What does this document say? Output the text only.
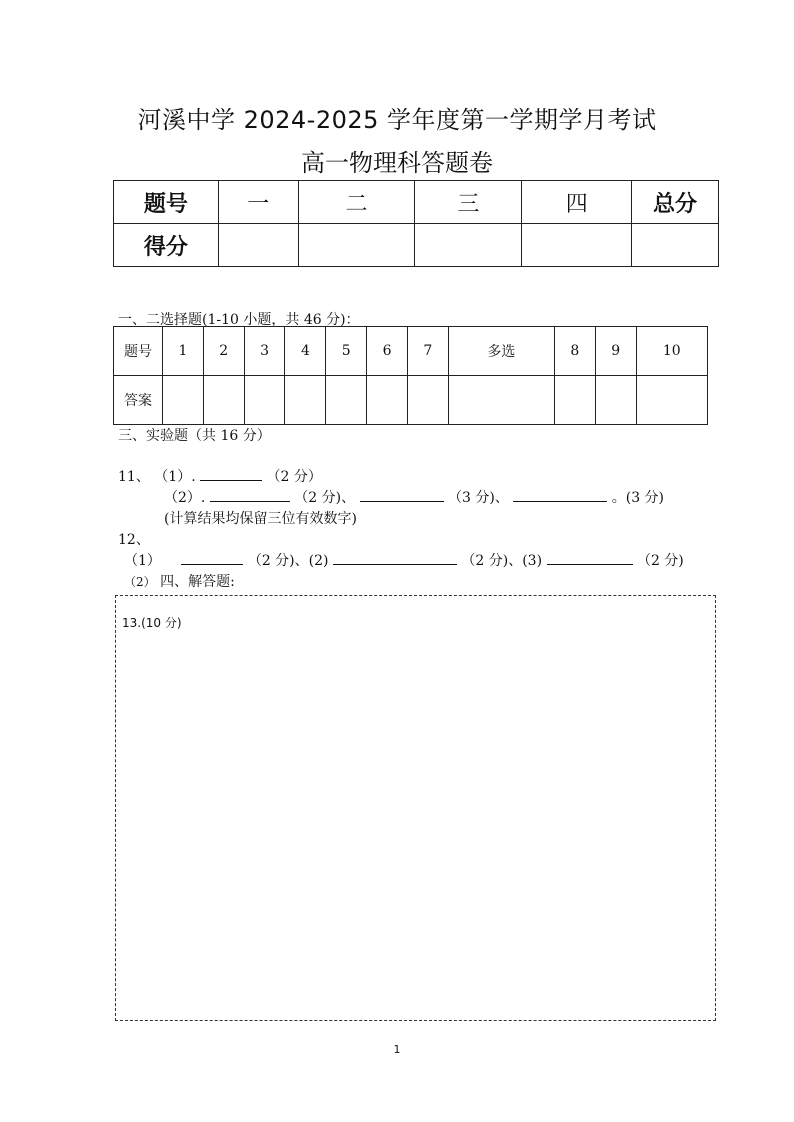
河溪中学 2024-2025 学年度第一学期学月考试
高一物理科答题卷
题号	一	二	三	四	总分
得分					
一、二选择题(1-10 小题，共 46 分)：
题号	1	2	3	4	5	6	7	多选	8	9	10
答案											
三、实验题（共 16 分）
11、 （1）.	（2 分）
（2）.	（2 分)、	（3 分)、	。(3 分)
(计算结果均保留三位有效数字)
12、
（1）	（2 分)、(2)	（2 分)、(3)	（2 分)
（2） 四、解答题:
13.(10 分)
1
